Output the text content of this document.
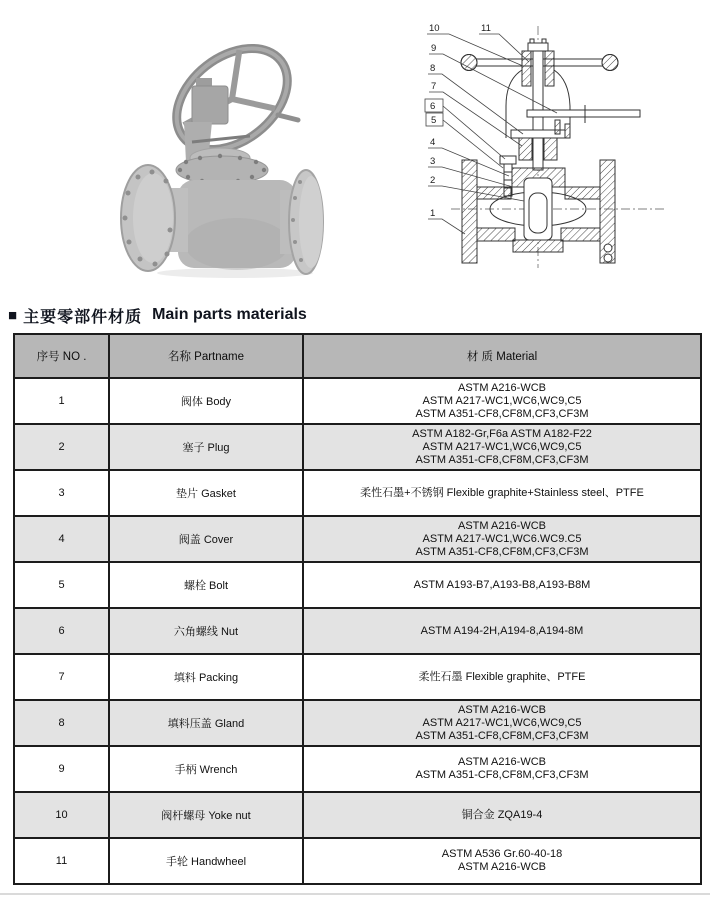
10	11
9
8
7
6
5
4
3
2
1
■ 主要零部件材质 Main parts materials
序号 NO .	名称 Partname	材 质 Material
1	阀体 Body	ASTM A216-WCB
ASTM A217-WC1,WC6,WC9,C5
ASTM A351-CF8,CF8M,CF3,CF3M

2	塞子 Plug	ASTM A182-Gr,F6a ASTM A182-F22
ASTM A217-WC1,WC6,WC9,C5
ASTM A351-CF8,CF8M,CF3,CF3M

3	垫片 Gasket	柔性石墨+不锈钢 Flexible graphite+Stainless steel、PTFE

4	阀盖 Cover	ASTM A216-WCB
ASTM A217-WC1,WC6.WC9.C5
ASTM A351-CF8,CF8M,CF3,CF3M

5	螺栓 Bolt	ASTM A193-B7,A193-B8,A193-B8M

6	六角螺线 Nut	ASTM A194-2H,A194-8,A194-8M

7	填料 Packing	柔性石墨 Flexible graphite、PTFE

8	填料压盖 Gland	ASTM A216-WCB
ASTM A217-WC1,WC6,WC9,C5
ASTM A351-CF8,CF8M,CF3,CF3M

9	手柄 Wrench	ASTM A216-WCB
ASTM A351-CF8,CF8M,CF3,CF3M

10	阀杆螺母 Yoke nut	铜合金 ZQA19-4

11	手轮 Handwheel	ASTM A536 Gr.60-40-18
ASTM A216-WCB
